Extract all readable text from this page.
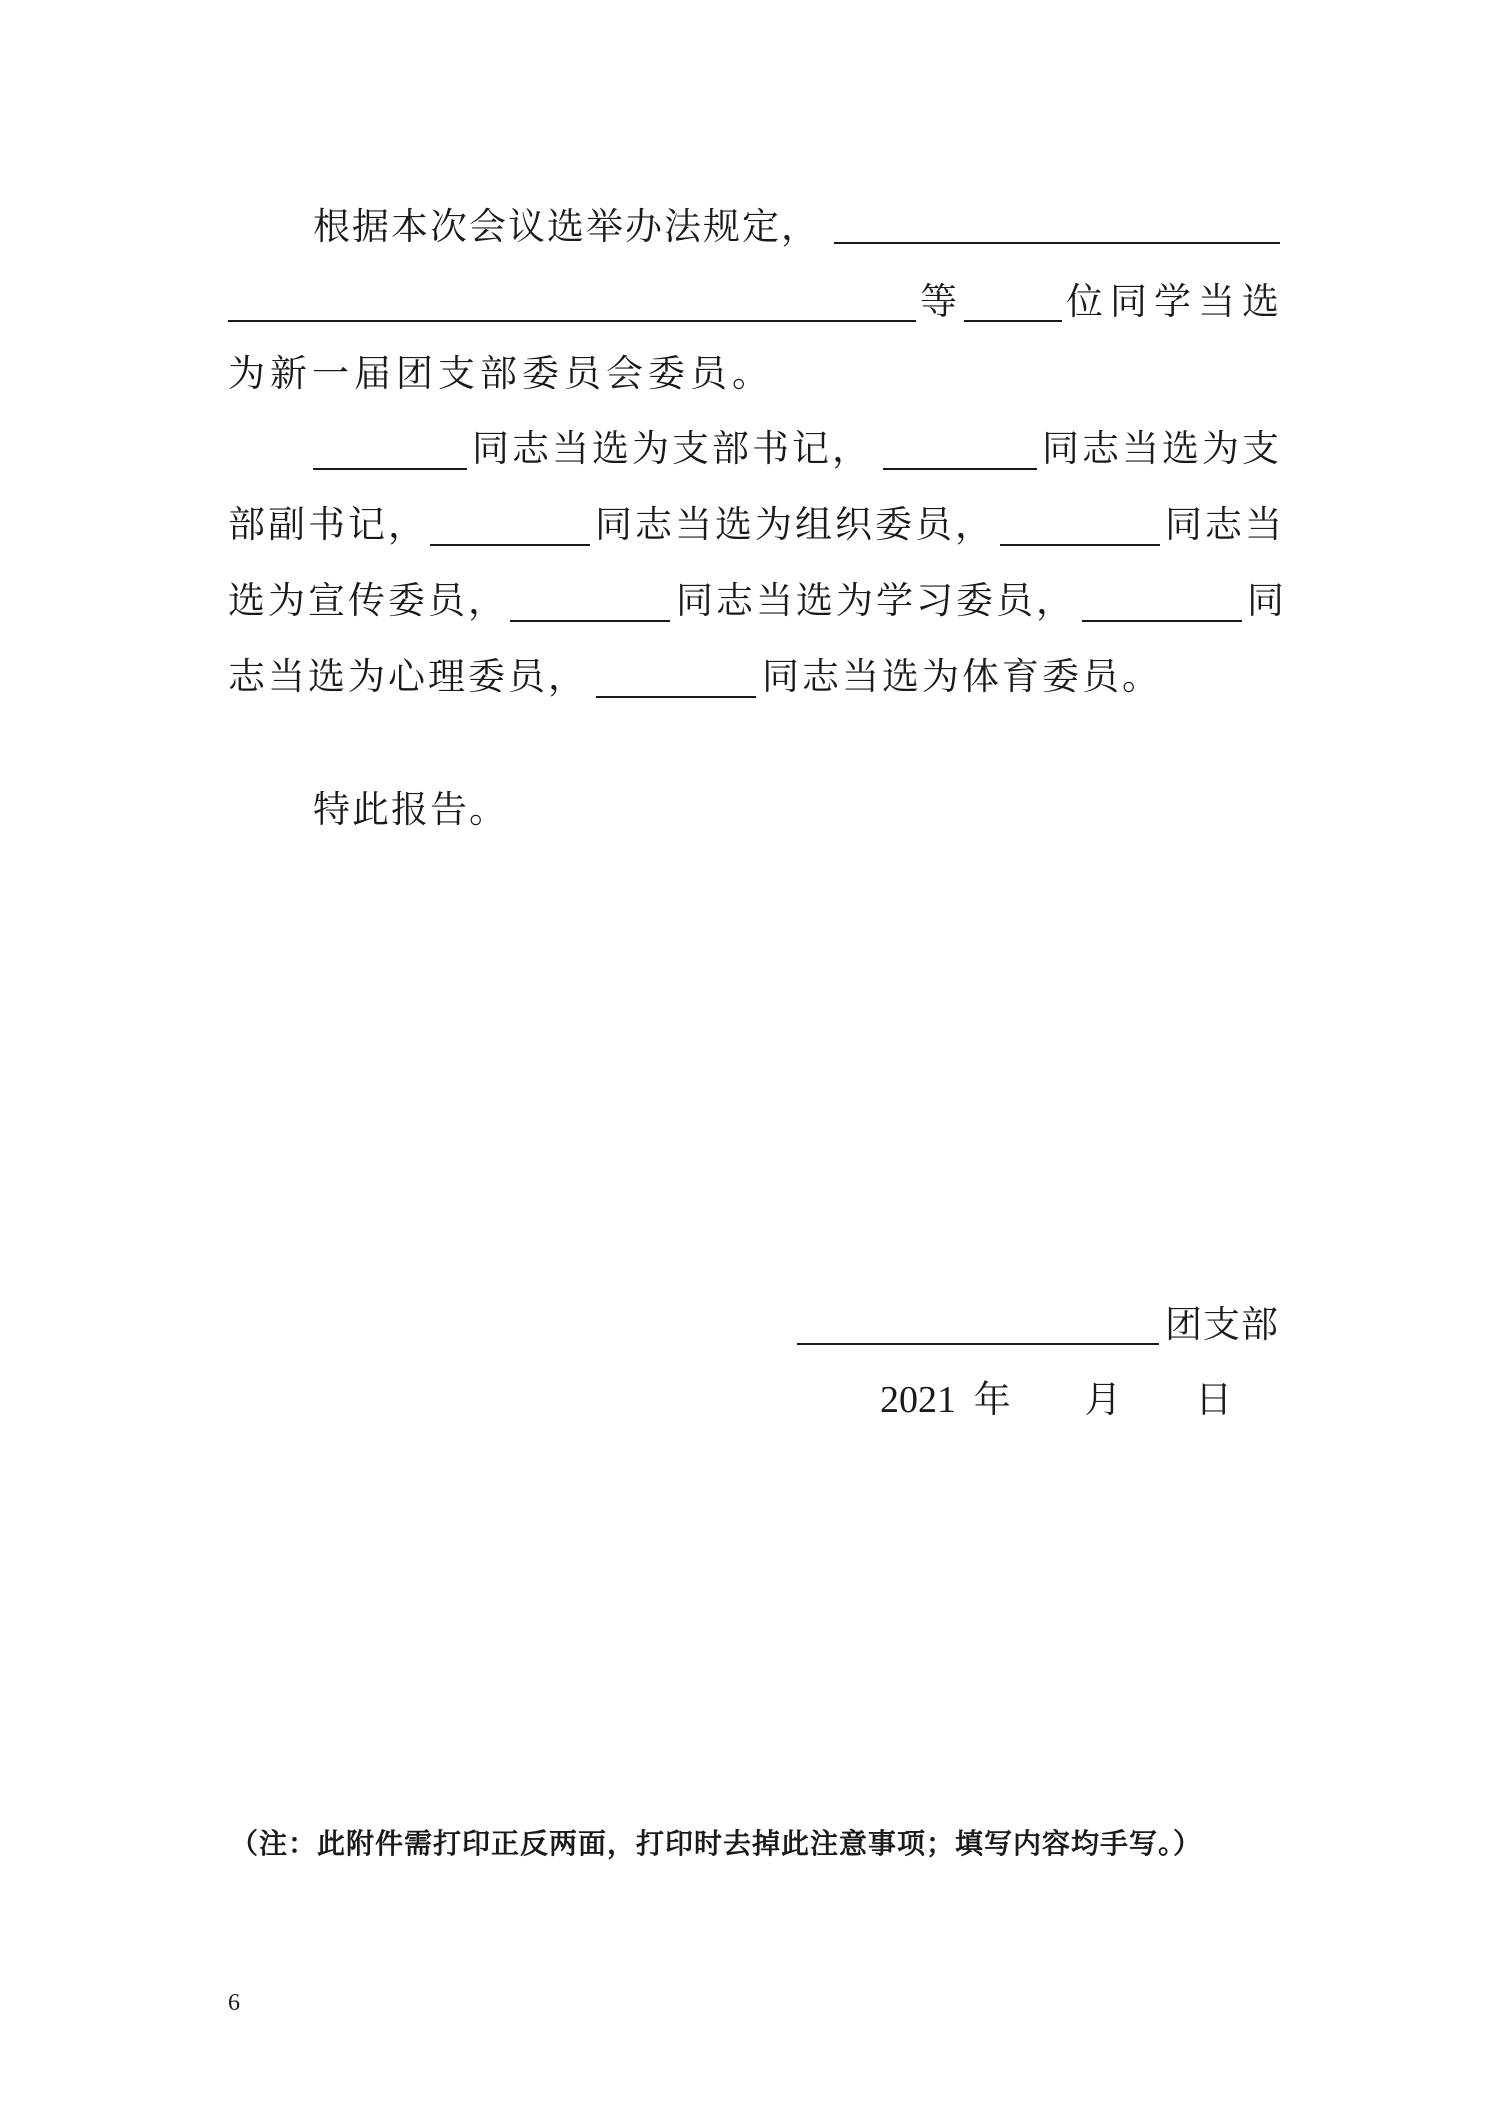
根据本次会议选举办法规定，
等	位同学当选
为新一届团支部委员会委员。
同志当选为支部书记，	同志当选为支
部副书记，	同志当选为组织委员，	同志当
选为宣传委员，	同志当选为学习委员，	同
志当选为心理委员，	同志当选为体育委员。
特此报告。
团支部
2021 年 月 日
（注：此附件需打印正反两面，打印时去掉此注意事项；填写内容均手写。）
6
